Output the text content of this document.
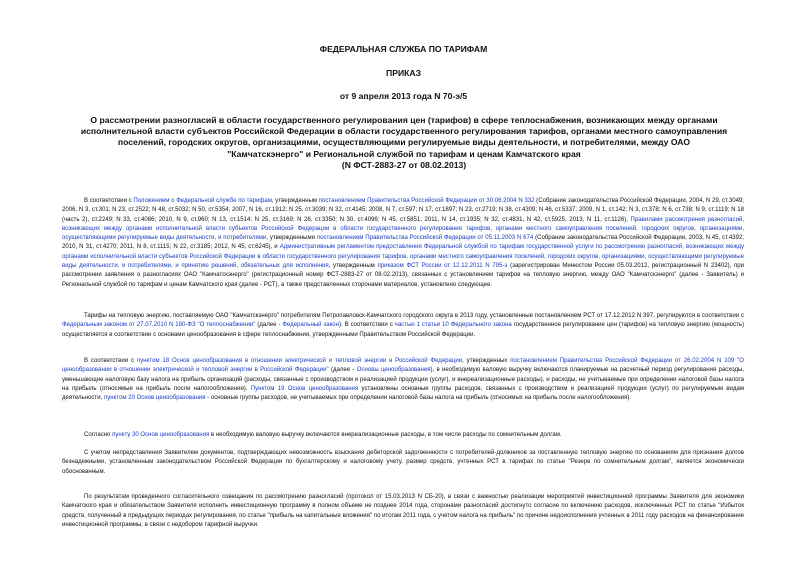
ФЕДЕРАЛЬНАЯ СЛУЖБА ПО ТАРИФАМ
ПРИКАЗ
от 9 апреля 2013 года N 70-э/5
О рассмотрении разногласий в области государственного регулирования цен (тарифов) в сфере теплоснабжения, возникающих между органами исполнительной власти субъектов Российской Федерации в области государственного регулирования тарифов, органами местного самоуправления поселений, городских округов, организациями, осуществляющими регулируемые виды деятельности, и потребителями, между ОАО "Камчатскэнерго" и Региональной службой по тарифам и ценам Камчатского края
(N ФСТ-2883-27 от 08.02.2013)

В соответствии с Положением о Федеральной службе по тарифам, утвержденным постановлением Правительства Российской Федерации от 30.06.2004 N 332 (Собрание законодательства Российской Федерации, 2004, N 29, ст.3049; 2006, N 3, ст.301; N 23, ст.2522; N 48, ст.5032; N 50, ст.5354; 2007, N 16, ст.1912; N 25, ст.3039; N 32, ст.4145; 2008, N 7, ст.597; N 17, ст.1897; N 23, ст.2719; N 38, ст.4309; N 46, ст.5337; 2009, N 1, ст.142; N 3, ст.378; N 6, ст.738; N 9, ст.1119; N 18 (часть 2), ст.2249; N 33, ст.4086; 2010, N 9, ст.960; N 13, ст.1514; N 25, ст.3169; N 26, ст.3350; N 30, ст.4096; N 45, ст.5851; 2011, N 14, ст.1935; N 32, ст.4831, N 42, ст.5925, 2013, N 11, ст.1126), Правилами рассмотрения разногласий, возникающих между органами исполнительной власти субъектов Российской Федерации в области государственного регулирования тарифов, органами местного самоуправления поселений, городских округов, организациями, осуществляющими регулируемые виды деятельности, и потребителями, утвержденными постановлением Правительства Российской Федерации от 05.11.2003 N 674 (Собрание законодательства Российской Федерации, 2003, N 45, ст.4392; 2010, N 31, ст.4270; 2011, N 8, ст.1115; N 22, ст.3185; 2012, N 45, ст.6245), и Административным регламентом предоставления Федеральной службой по тарифам государственной услуги по рассмотрению разногласий, возникающих между органами исполнительной власти субъектов Российской Федерации в области государственного регулирования тарифов, органами местного самоуправления поселений, городских округов, организациями, осуществляющими регулируемые виды деятельности, и потребителями, и принятию решений, обязательных для исполнения, утвержденным приказом ФСТ России от 12.12.2011 N 795-э (зарегистрирован Минюстом России 05.03.2012, регистрационный N 23402), при рассмотрении заявления о разногласиях ОАО "Камчатскэнерго" (регистрационный номер ФСТ-2883-27 от 08.02.2013), связанных с установлением тарифов на тепловую энергию, между ОАО "Камчатскэнерго" (далее - Заявитель) и Региональной службой по тарифам и ценам Камчатского края (далее - РСТ), а также представленных сторонами материалов, установлено следующее.

Тарифы на тепловую энергию, поставляемую ОАО "Камчатскэнерго" потребителям Петропавловск-Камчатского городского округа в 2013 году, установленные постановлением РСТ от 17.12.2012 N 397, регулируются в соответствии с Федеральным законом от 27.07.2010 N 190-ФЗ "О теплоснабжении" (далее - Федеральный закон). В соответствии с частью 1 статьи 10 Федерального закона государственное регулирование цен (тарифов) на тепловую энергию (мощность) осуществляется в соответствии с основами ценообразования в сфере теплоснабжения, утвержденными Правительством Российской Федерации.

В соответствии с пунктом 18 Основ ценообразования в отношении электрической и тепловой энергии в Российской Федерации, утвержденных постановлением Правительства Российской Федерации от 26.02.2004 N 109 "О ценообразовании в отношении электрической и тепловой энергии в Российской Федерации" (далее - Основы ценообразования), в необходимую валовую выручку включаются планируемые на расчетный период регулирования расходы, уменьшающие налоговую базу налога на прибыль организаций (расходы, связанные с производством и реализацией продукции (услуг), и внереализационные расходы), и расходы, не учитываемые при определении налоговой базы налога на прибыль (относимые на прибыль после налогообложения). Пунктом 19 Основ ценообразования установлены основные группы расходов, связанных с производством и реализацией продукции (услуг) по регулируемым видам деятельности, пунктом 20 Основ ценообразования - основные группы расходов, не учитываемых при определении налоговой базы налога на прибыль (относимых на прибыль после налогообложения).

Согласно пункту 30 Основ ценообразования в необходимую валовую выручку включаются внереализационные расходы, в том числе расходы по сомнительным долгам.

С учетом непредставления Заявителем документов, подтверждающих невозможность взыскания дебиторской задолженности с потребителей-должников за поставленную тепловую энергию по основаниям для признания долгов безнадежными, установленным законодательством Российской Федерации по бухгалтерскому и налоговому учету, размер средств, учтенных РСТ в тарифах по статье "Резерв по сомнительным долгам", является экономически обоснованным.

По результатам проведенного согласительного совещания по рассмотрению разногласий (протокол от 15.03.2013 N СБ-20), в связи с важностью реализации мероприятий инвестиционной программы Заявителя для экономики Камчатского края и обязательством Заявителя исполнить инвестиционную программу в полном объеме не позднее 2014 года, сторонами разногласий достигнуто согласие по включению расходов, исключенных РСТ по статье "Избыток средств, полученный в предыдущих периодах регулирования, по статье "прибыль на капитальные вложения" по итогам 2011 года, с учетом налога на прибыль" по причине недоисполнения учтенных в 2011 году расходов на финансирование инвестиционной программы, в связи с недобором тарифной выручки.
